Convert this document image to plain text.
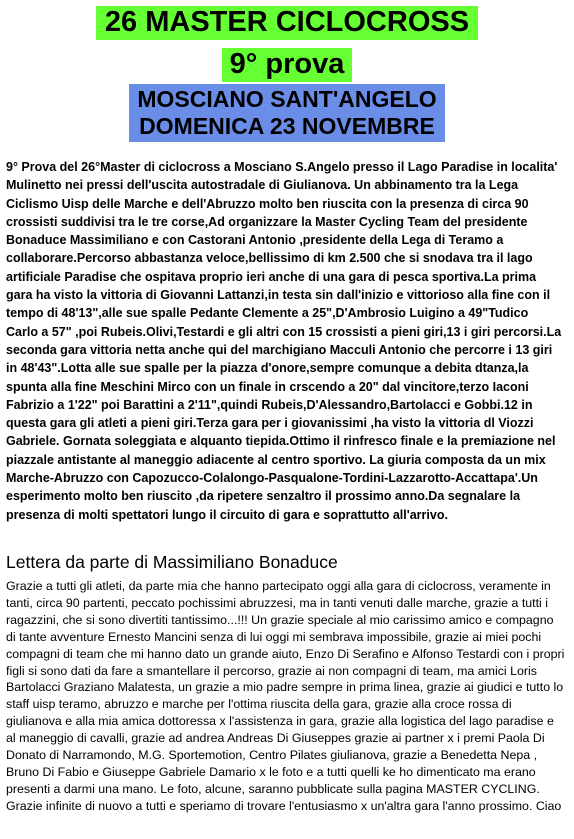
26 MASTER CICLOCROSS
9° prova
MOSCIANO SANT'ANGELO
DOMENICA 23 NOVEMBRE

9° Prova del 26°Master di ciclocross a Mosciano S.Angelo presso il Lago Paradise in localita' Mulinetto nei pressi dell'uscita autostradale di Giulianova. Un abbinamento tra la Lega Ciclismo Uisp delle Marche e dell'Abruzzo molto ben riuscita con la presenza di circa 90 crossisti suddivisi tra le tre corse,Ad organizzare la Master Cycling Team del presidente Bonaduce Massimiliano e con Castorani Antonio ,presidente della Lega di Teramo a collaborare.Percorso abbastanza veloce,bellissimo di km 2.500 che si snodava tra il lago artificiale Paradise che ospitava proprio ieri anche di una gara di pesca sportiva.La prima gara ha visto la vittoria di Giovanni Lattanzi,in testa sin dall'inizio e vittorioso alla fine con il tempo di 48'13",alle sue spalle Pedante Clemente a 25",D'Ambrosio Luigino a 49"Tudico Carlo a 57" ,poi Rubeis.Olivi,Testardi e gli altri con 15 crossisti a pieni giri,13 i giri percorsi.La seconda gara vittoria netta anche qui del marchigiano Macculi Antonio che percorre i 13 giri in 48'43".Lotta alle sue spalle per la piazza d'onore,sempre comunque a debita dtanza,la spunta alla fine Meschini Mirco con un finale in crscendo a 20" dal vincitore,terzo Iaconi Fabrizio a 1'22" poi Barattini a 2'11",quindi Rubeis,D'Alessandro,Bartolacci e Gobbi.12 in questa gara gli atleti a pieni giri.Terza gara per i giovanissimi ,ha visto la vittoria dl Viozzi Gabriele. Gornata soleggiata e alquanto tiepida.Ottimo il rinfresco finale e la premiazione nel piazzale antistante al maneggio adiacente al centro sportivo. La giuria composta da un mix Marche-Abruzzo con Capozucco-Colalongo-Pasqualone-Tordini-Lazzarotto-Accattapa'.Un esperimento molto ben riuscito ,da ripetere senzaltro il prossimo anno.Da segnalare la presenza di molti spettatori lungo il circuito di gara e soprattutto all'arrivo.

Lettera da parte di Massimiliano Bonaduce

Grazie a tutti gli atleti, da parte mia che hanno partecipato oggi alla gara di ciclocross, veramente in tanti, circa 90 partenti, peccato pochissimi abruzzesi, ma in tanti venuti dalle marche, grazie a tutti i ragazzini, che si sono divertiti tantissimo...!!! Un grazie speciale al mio carissimo amico e compagno di tante avventure Ernesto Mancini senza di lui oggi mi sembrava impossibile, grazie ai miei pochi compagni di team che mi hanno dato un grande aiuto, Enzo Di Serafino e Alfonso Testardi con i propri figli si sono dati da fare a smantellare il percorso, grazie ai non compagni di team, ma amici Loris Bartolacci Graziano Malatesta, un grazie a mio padre sempre in prima linea, grazie ai giudici e tutto lo staff uisp teramo, abruzzo e marche per l'ottima riuscita della gara, grazie alla croce rossa di giulianova e alla mia amica dottoressa x l'assistenza in gara, grazie alla logistica del lago paradise e al maneggio di cavalli, grazie ad andrea Andreas Di Giuseppes grazie ai partner x i premi Paola Di Donato di Narramondo, M.G. Sportemotion, Centro Pilates giulianova, grazie a Benedetta Nepa , Bruno Di Fabio e Giuseppe Gabriele Damario x le foto e a tutti quelli ke ho dimenticato ma erano presenti a darmi una mano. Le foto, alcune, saranno pubblicate sulla pagina MASTER CYCLING. Grazie infinite di nuovo a tutti e speriamo di trovare l'entusiasmo x un'altra gara l'anno prossimo. Ciao
